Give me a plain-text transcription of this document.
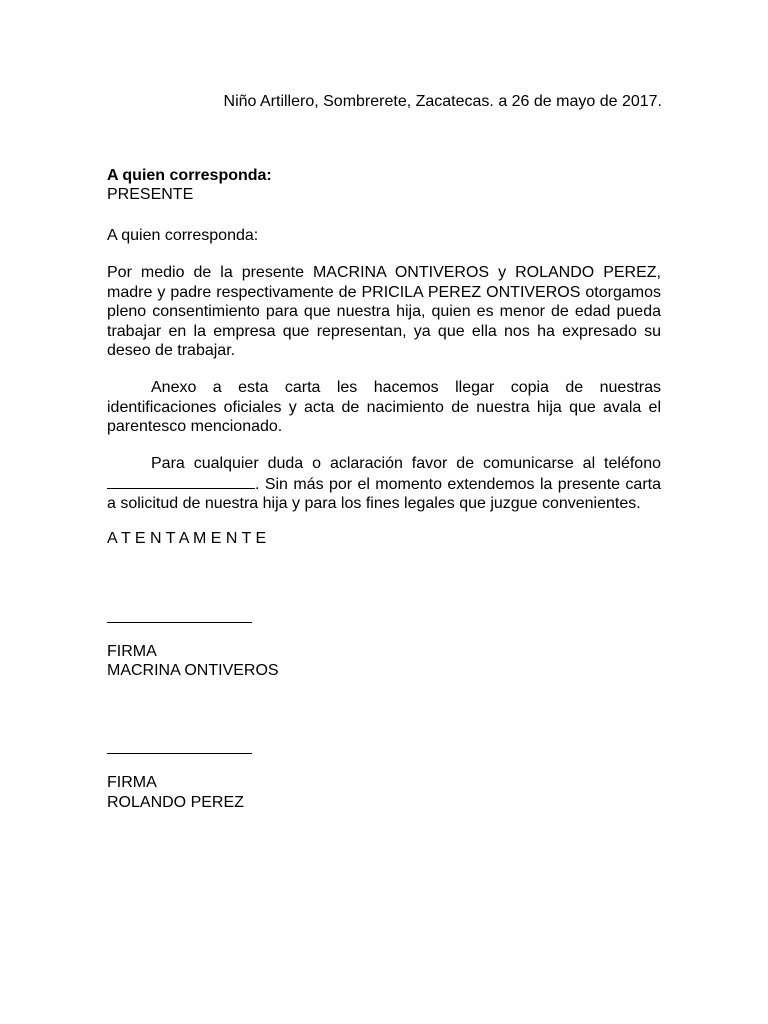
Niño Artillero, Sombrerete, Zacatecas. a 26 de mayo de 2017.

A quien corresponda:

PRESENTE

A quien corresponda:

Por medio de la presente MACRINA ONTIVEROS y ROLANDO PEREZ, madre y padre respectivamente de PRICILA PEREZ ONTIVEROS otorgamos pleno consentimiento para que nuestra hija, quien es menor de edad pueda trabajar en la empresa que representan, ya que ella nos ha expresado su deseo de trabajar.

Anexo a esta carta les hacemos llegar copia de nuestras identificaciones oficiales y acta de nacimiento de nuestra hija que avala el parentesco mencionado.

Para cualquier duda o aclaración favor de comunicarse al teléfono . Sin más por el momento extendemos la presente carta a solicitud de nuestra hija y para los fines legales que juzgue convenientes.

A T E N T A M E N T E

FIRMA

MACRINA ONTIVEROS

FIRMA

ROLANDO PEREZ
